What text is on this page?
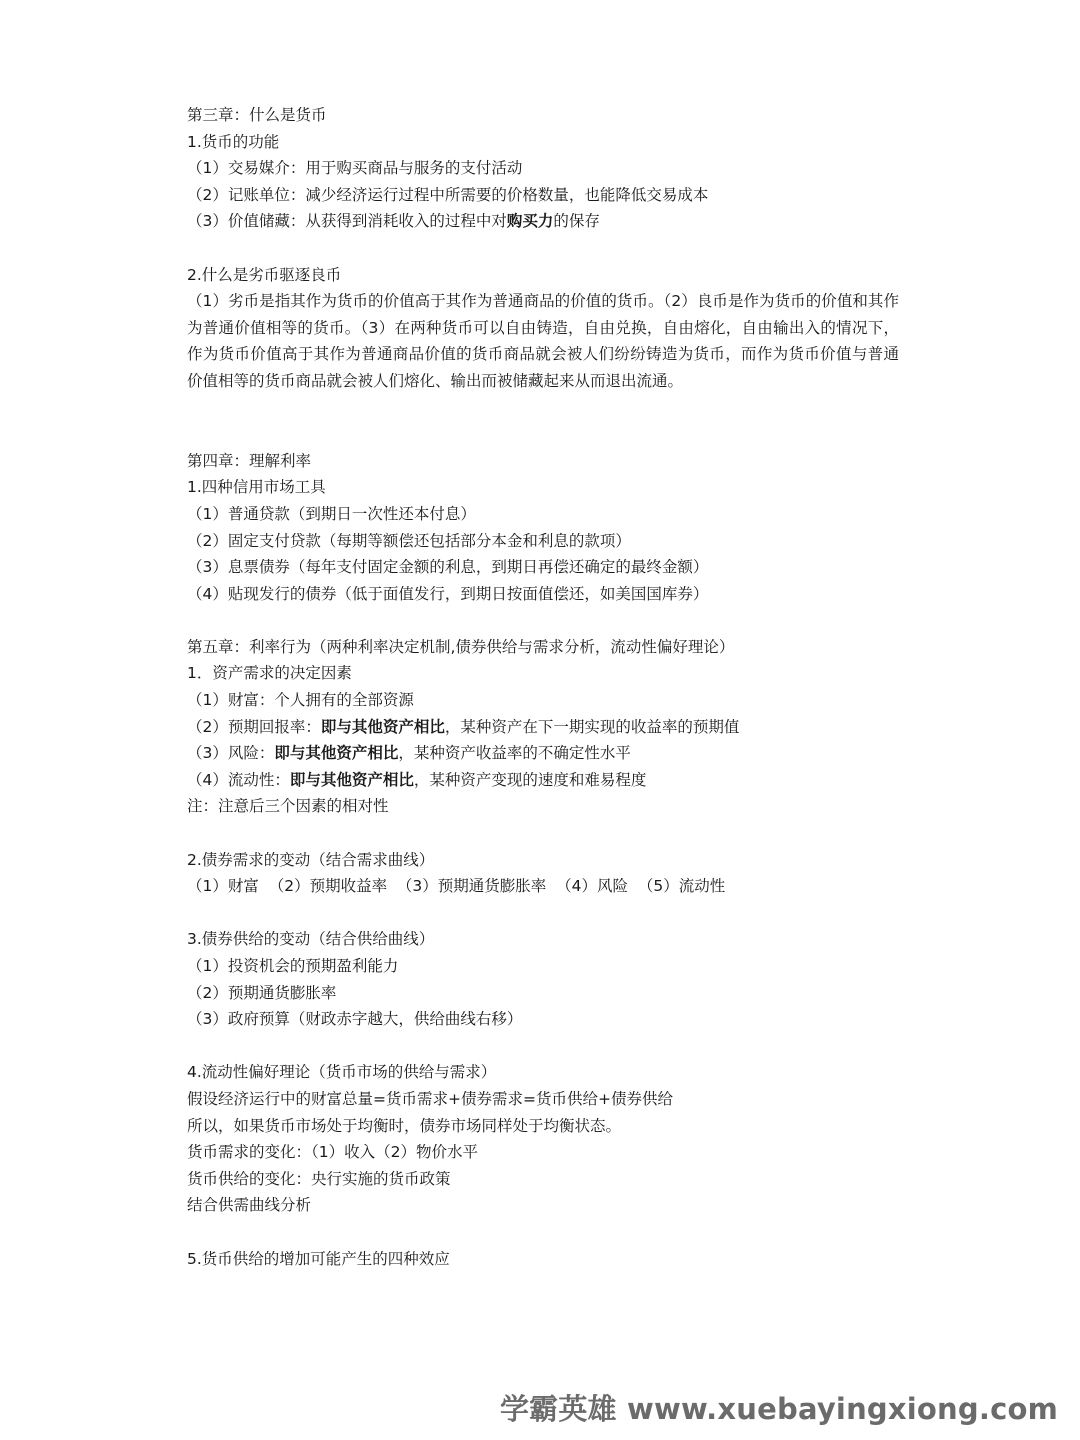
第三章：什么是货币
1.货币的功能
（1）交易媒介：用于购买商品与服务的支付活动
（2）记账单位：减少经济运行过程中所需要的价格数量，也能降低交易成本
（3）价值储藏：从获得到消耗收入的过程中对购买力的保存
2.什么是劣币驱逐良币
（1）劣币是指其作为货币的价值高于其作为普通商品的价值的货币。（2）良币是作为货币的价值和其作为普通价值相等的货币。（3）在两种货币可以自由铸造，自由兑换，自由熔化，自由输出入的情况下，作为货币价值高于其作为普通商品价值的货币商品就会被人们纷纷铸造为货币，而作为货币价值与普通价值相等的货币商品就会被人们熔化、输出而被储藏起来从而退出流通。
第四章：理解利率
1.四种信用市场工具
（1）普通贷款（到期日一次性还本付息）
（2）固定支付贷款（每期等额偿还包括部分本金和利息的款项）
（3）息票债券（每年支付固定金额的利息，到期日再偿还确定的最终金额）
（4）贴现发行的债券（低于面值发行，到期日按面值偿还，如美国国库券）
第五章：利率行为（两种利率决定机制,债券供给与需求分析，流动性偏好理论）
1．资产需求的决定因素
（1）财富：个人拥有的全部资源
（2）预期回报率：即与其他资产相比，某种资产在下一期实现的收益率的预期值
（3）风险：即与其他资产相比，某种资产收益率的不确定性水平
（4）流动性：即与其他资产相比，某种资产变现的速度和难易程度
注：注意后三个因素的相对性
2.债券需求的变动（结合需求曲线）
（1）财富  （2）预期收益率  （3）预期通货膨胀率  （4）风险  （5）流动性
3.债券供给的变动（结合供给曲线）
（1）投资机会的预期盈利能力
（2）预期通货膨胀率
（3）政府预算（财政赤字越大，供给曲线右移）
4.流动性偏好理论（货币市场的供给与需求）
假设经济运行中的财富总量=货币需求+债券需求=货币供给+债券供给
所以，如果货币市场处于均衡时，债券市场同样处于均衡状态。
货币需求的变化：（1）收入（2）物价水平
货币供给的变化：央行实施的货币政策
结合供需曲线分析
5.货币供给的增加可能产生的四种效应
学霸英雄 www.xuebayingxiong.com
